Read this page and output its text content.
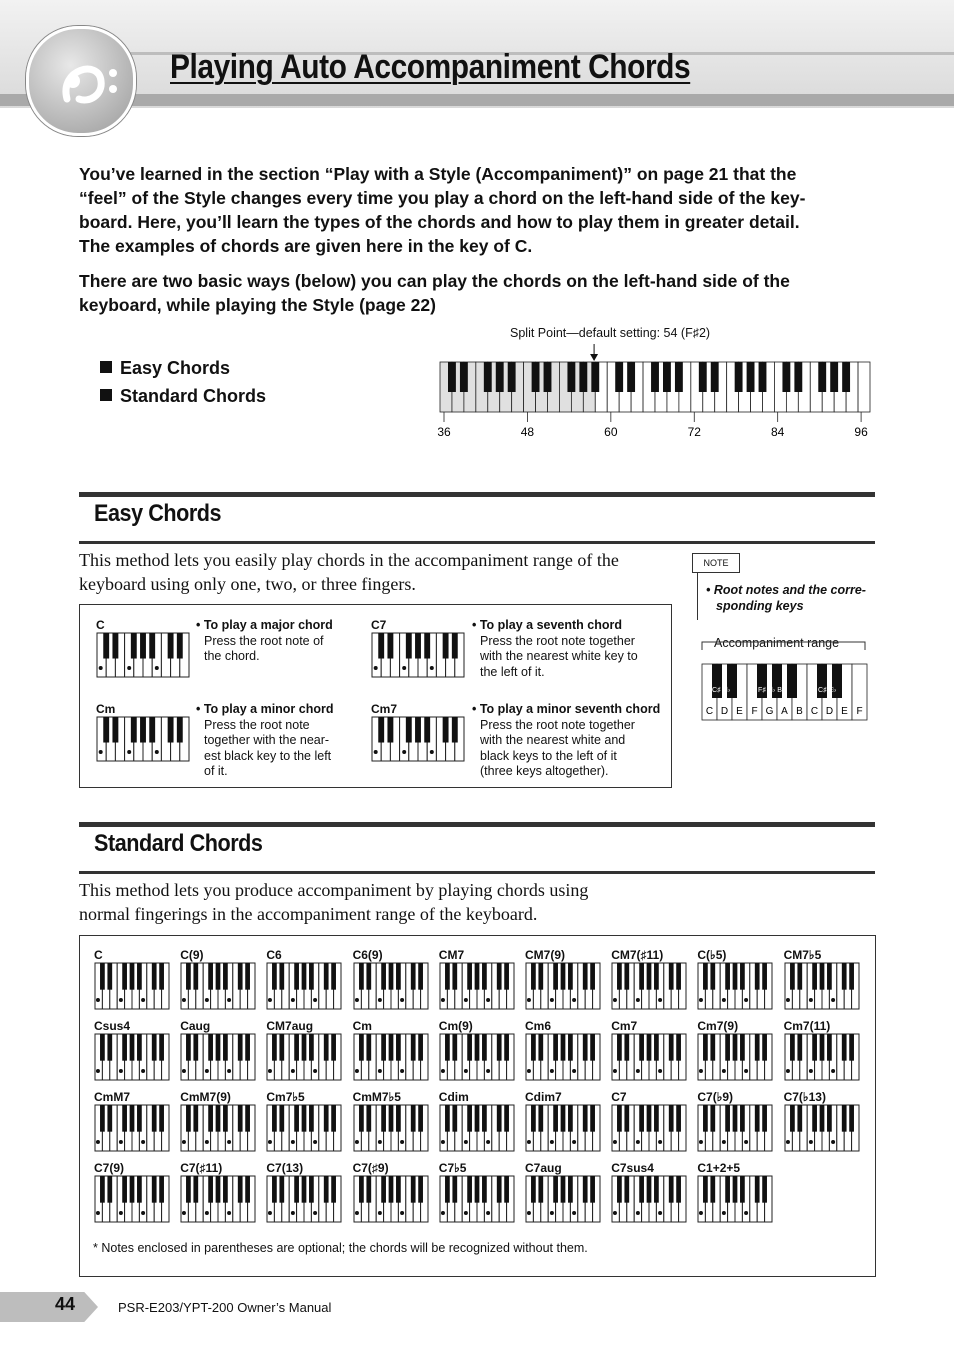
Playing Auto Accompaniment Chords
You’ve learned in the section “Play with a Style (Accompaniment)” on page 21 that the
“feel” of the Style changes every time you play a chord on the left-hand side of the key-
board. Here, you’ll learn the types of the chords and how to play them in greater detail.
The examples of chords are given here in the key of C.
There are two basic ways (below) you can play the chords on the left-hand side of the
keyboard, while playing the Style (page 22)
Easy Chords
Standard Chords
Split Point—default setting: 54 (F♯2)
36	48	60	72	84	96
Easy Chords
This method lets you easily play chords in the accompaniment range of the
keyboard using only one, two, or three fingers.
C	• To play a major chord
Press the root note of
the chord.
C7	• To play a seventh chord
Press the root note together
with the nearest white key to
the left of it.
Cm	• To play a minor chord
Press the root note
together with the near-
est black key to the left
of it.
Cm7	• To play a minor seventh chord
Press the root note together
with the nearest white and
black keys to the left of it
(three keys altogether).
NOTE
• Root notes and the corre-
sponding keys
Accompaniment range
C D E F G A B C D E F
C♯ E♭	F♯ A♭ B♭	C♯ E♭ F♯
Standard Chords
This method lets you produce accompaniment by playing chords using
normal fingerings in the accompaniment range of the keyboard.
C	C(9)	C6	C6(9)	CM7	CM7(9)	CM7(♯11)	C(♭5)	CM7♭5
Csus4	Caug	CM7aug	Cm	Cm(9)	Cm6	Cm7	Cm7(9)	Cm7(11)
CmM7	CmM7(9)	Cm7♭5	CmM7♭5	Cdim	Cdim7	C7	C7(♭9)	C7(♭13)
C7(9)	C7(♯11)	C7(13)	C7(♯9)	C7♭5	C7aug	C7sus4	C1+2+5
* Notes enclosed in parentheses are optional; the chords will be recognized without them.
44	PSR-E203/YPT-200 Owner’s Manual
